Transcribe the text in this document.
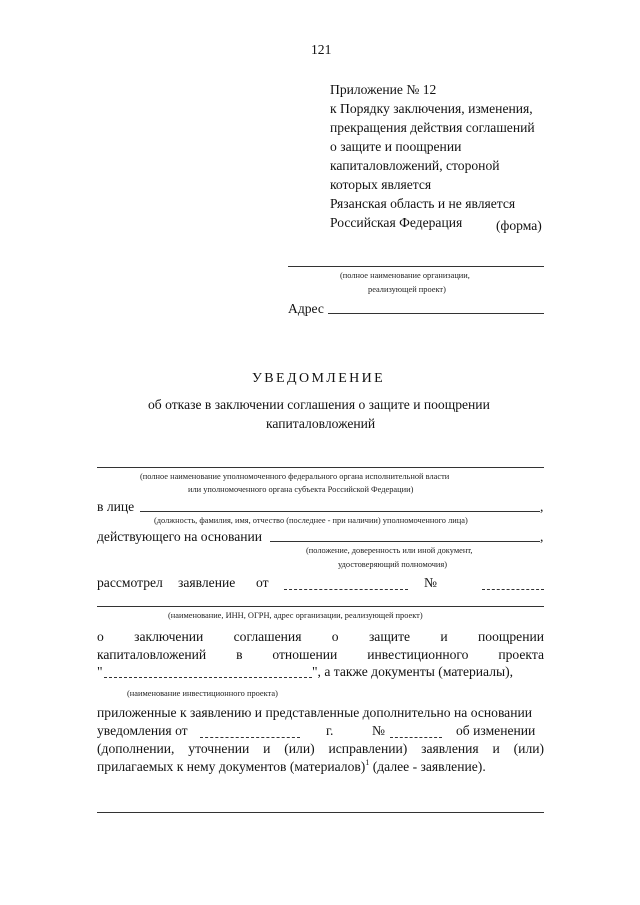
121
Приложение № 12
к Порядку заключения, изменения,
прекращения действия соглашений
о защите и поощрении
капиталовложений, стороной
которых является
Рязанская область и не является
Российская Федерация	(форма)
(полное наименование организации,
реализующей проект)
Адрес
УВЕДОМЛЕНИЕ
об отказе в заключении соглашения о защите и поощрении
капиталовложений
(полное наименование уполномоченного федерального органа исполнительной власти
или уполномоченного органа субъекта Российской Федерации)
в лице	,
(должность, фамилия, имя, отчество (последнее - при наличии) уполномоченного лица)
действующего на основании	,
(положение, доверенность или иной документ,
удостоверяющий полномочия)
рассмотрел заявление от	№
(наименование, ИНН, ОГРН, адрес организации, реализующей проект)
о заключении соглашения о защите и поощрении
капиталовложений в отношении инвестиционного проекта
"	", а также документы (материалы),
(наименование инвестиционного проекта)
приложенные к заявлению и представленные дополнительно на основании
уведомления от	г.	№	об изменении
(дополнении, уточнении и (или) исправлении) заявления и (или)
прилагаемых к нему документов (материалов)$^1$ (далее - заявление).
